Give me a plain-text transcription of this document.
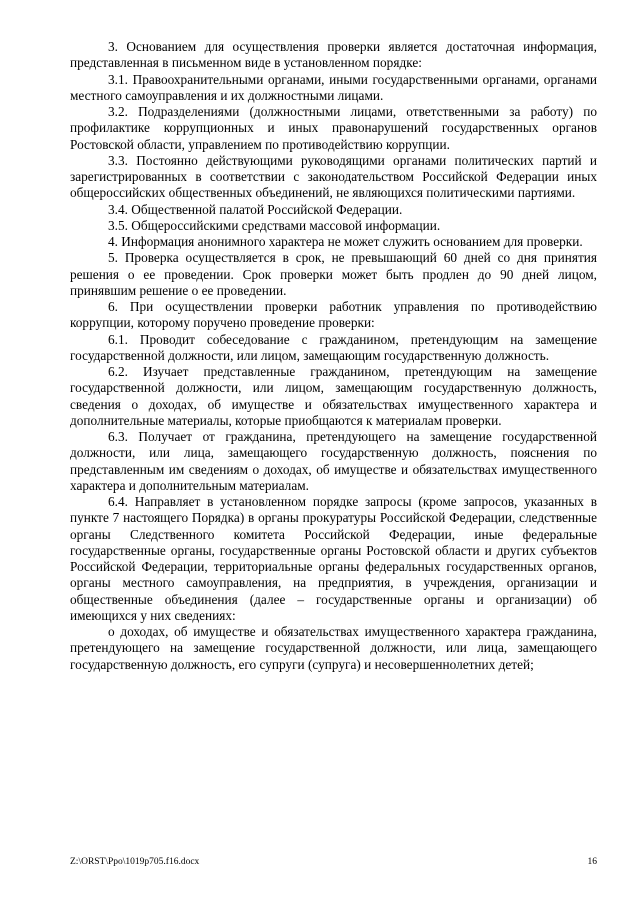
3. Основанием для осуществления проверки является достаточная информация, представленная в письменном виде в установленном порядке:

3.1. Правоохранительными органами, иными государственными органами, органами местного самоуправления и их должностными лицами.

3.2. Подразделениями (должностными лицами, ответственными за работу) по профилактике коррупционных и иных правонарушений государственных органов Ростовской области, управлением по противодействию коррупции.

3.3. Постоянно действующими руководящими органами политических партий и зарегистрированных в соответствии с законодательством Российской Федерации иных общероссийских общественных объединений, не являющихся политическими партиями.

3.4. Общественной палатой Российской Федерации.

3.5. Общероссийскими средствами массовой информации.

4. Информация анонимного характера не может служить основанием для проверки.

5. Проверка осуществляется в срок, не превышающий 60 дней со дня принятия решения о ее проведении. Срок проверки может быть продлен до 90 дней лицом, принявшим решение о ее проведении.

6. При осуществлении проверки работник управления по противодействию коррупции, которому поручено проведение проверки:

6.1. Проводит собеседование с гражданином, претендующим на замещение государственной должности, или лицом, замещающим государственную должность.

6.2. Изучает представленные гражданином, претендующим на замещение государственной должности, или лицом, замещающим государственную должность, сведения о доходах, об имуществе и обязательствах имущественного характера и дополнительные материалы, которые приобщаются к материалам проверки.

6.3. Получает от гражданина, претендующего на замещение государственной должности, или лица, замещающего государственную должность, пояснения по представленным им сведениям о доходах, об имуществе и обязательствах имущественного характера и дополнительным материалам.

6.4. Направляет в установленном порядке запросы (кроме запросов, указанных в пункте 7 настоящего Порядка) в органы прокуратуры Российской Федерации, следственные органы Следственного комитета Российской Федерации, иные федеральные государственные органы, государственные органы Ростовской области и других субъектов Российской Федерации, территориальные органы федеральных государственных органов, органы местного самоуправления, на предприятия, в учреждения, организации и общественные объединения (далее – государственные органы и организации) об имеющихся у них сведениях:

о доходах, об имуществе и обязательствах имущественного характера гражданина, претендующего на замещение государственной должности, или лица, замещающего государственную должность, его супруги (супруга) и несовершеннолетних детей;

Z:\ORST\Ppo\1019p705.f16.docx	16
